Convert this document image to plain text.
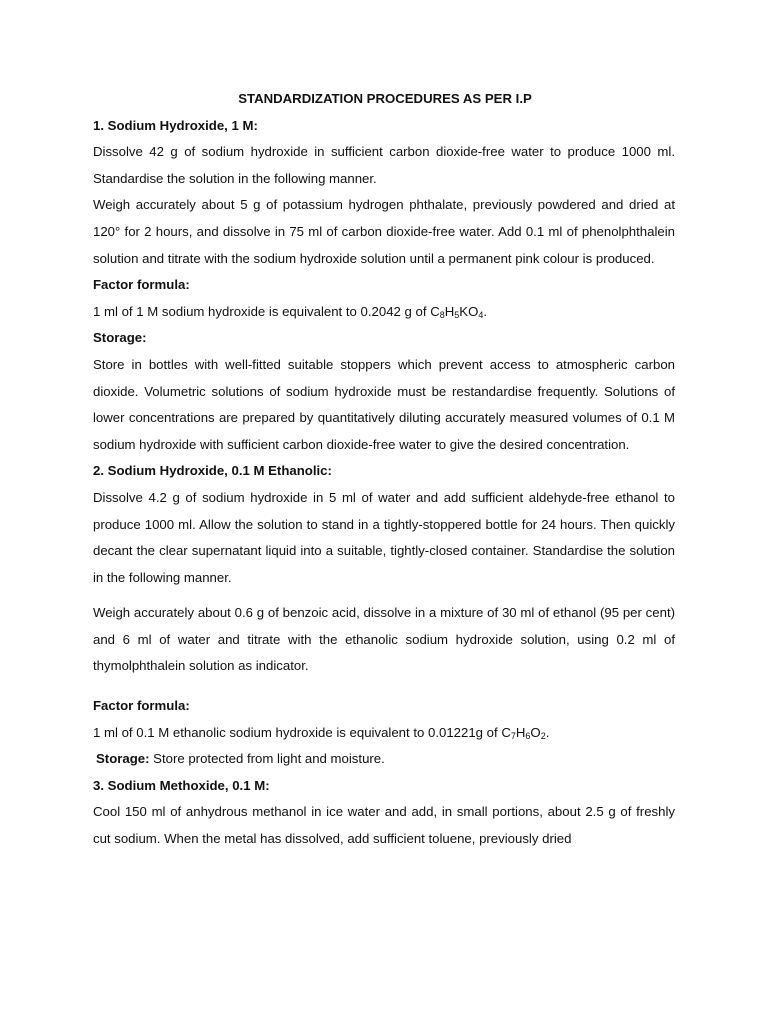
STANDARDIZATION PROCEDURES AS PER I.P

1. Sodium Hydroxide, 1 M:

Dissolve 42 g of sodium hydroxide in sufficient carbon dioxide-free water to produce 1000 ml. Standardise the solution in the following manner.

Weigh accurately about 5 g of potassium hydrogen phthalate, previously powdered and dried at 120° for 2 hours, and dissolve in 75 ml of carbon dioxide-free water. Add 0.1 ml of phenolphthalein solution and titrate with the sodium hydroxide solution until a permanent pink colour is produced.

Factor formula:

1 ml of 1 M sodium hydroxide is equivalent to 0.2042 g of $C_8H_5KO_4$.

Storage:

Store in bottles with well-fitted suitable stoppers which prevent access to atmospheric carbon dioxide. Volumetric solutions of sodium hydroxide must be restandardise frequently. Solutions of lower concentrations are prepared by quantitatively diluting accurately measured volumes of 0.1 M sodium hydroxide with sufficient carbon dioxide-free water to give the desired concentration.

2. Sodium Hydroxide, 0.1 M Ethanolic:

Dissolve 4.2 g of sodium hydroxide in 5 ml of water and add sufficient aldehyde-free ethanol to produce 1000 ml. Allow the solution to stand in a tightly-stoppered bottle for 24 hours. Then quickly decant the clear supernatant liquid into a suitable, tightly-closed container. Standardise the solution in the following manner.

Weigh accurately about 0.6 g of benzoic acid, dissolve in a mixture of 30 ml of ethanol (95 per cent) and 6 ml of water and titrate with the ethanolic sodium hydroxide solution, using 0.2 ml of thymolphthalein solution as indicator.

Factor formula:

1 ml of 0.1 M ethanolic sodium hydroxide is equivalent to 0.01221g of $C_7H_6O_2$.

Storage: Store protected from light and moisture.

3. Sodium Methoxide, 0.1 M:

Cool 150 ml of anhydrous methanol in ice water and add, in small portions, about 2.5 g of freshly cut sodium. When the metal has dissolved, add sufficient toluene, previously dried
